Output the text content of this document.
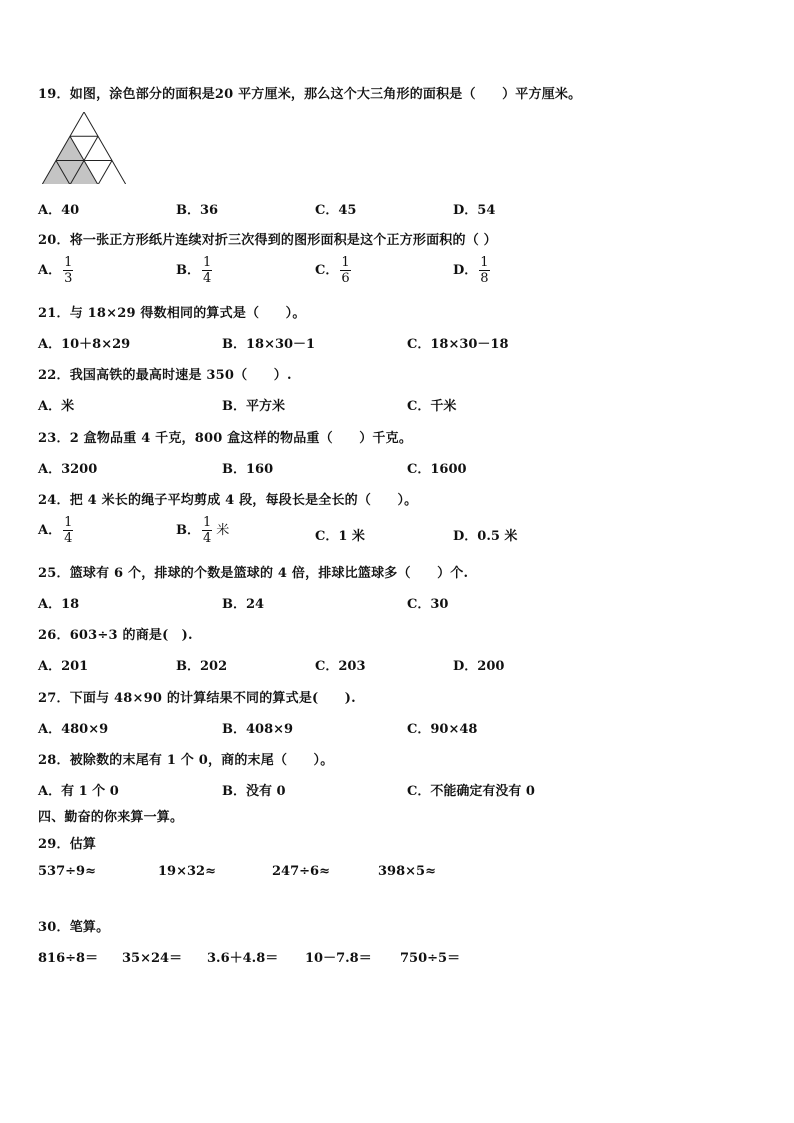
19．如图，涂色部分的面积是20 平方厘米，那么这个大三角形的面积是（　　）平方厘米。
A．40	B．36	C．45	D．54
20．将一张正方形纸片连续对折三次得到的图形面积是这个正方形面积的（ ）
A． $\frac{1}{3}$	B． $\frac{1}{4}$	C． $\frac{1}{6}$	D． $\frac{1}{8}$
21．与 18×29 得数相同的算式是（　　）。
A．10＋8×29	B．18×30－1	C．18×30－18
22．我国高铁的最高时速是 350（　　）.
A．米	B．平方米	C．千米
23．2 盒物品重 4 千克，800 盒这样的物品重（　　）千克。
A．3200	B．160	C．1600
24．把 4 米长的绳子平均剪成 4 段，每段长是全长的（　　）。
A． $\frac{1}{4}$	B． $\frac{1}{4}$ 米	C．1 米	D．0.5 米
25．篮球有 6 个，排球的个数是篮球的 4 倍，排球比篮球多（　　）个.
A．18	B．24	C．30
26．603÷3 的商是(　).
A．201	B．202	C．203	D．200
27．下面与 48×90 的计算结果不同的算式是(　　).
A．480×9	B．408×9	C．90×48
28．被除数的末尾有 1 个 0，商的末尾（　　）。
A．有 1 个 0	B．没有 0	C．不能确定有没有 0
四、勤奋的你来算一算。
29．估算
537÷9≈	19×32≈	247÷6≈	398×5≈
30．笔算。
816÷8＝ 35×24＝ 3.6＋4.8＝ 10－7.8＝ 750÷5＝
